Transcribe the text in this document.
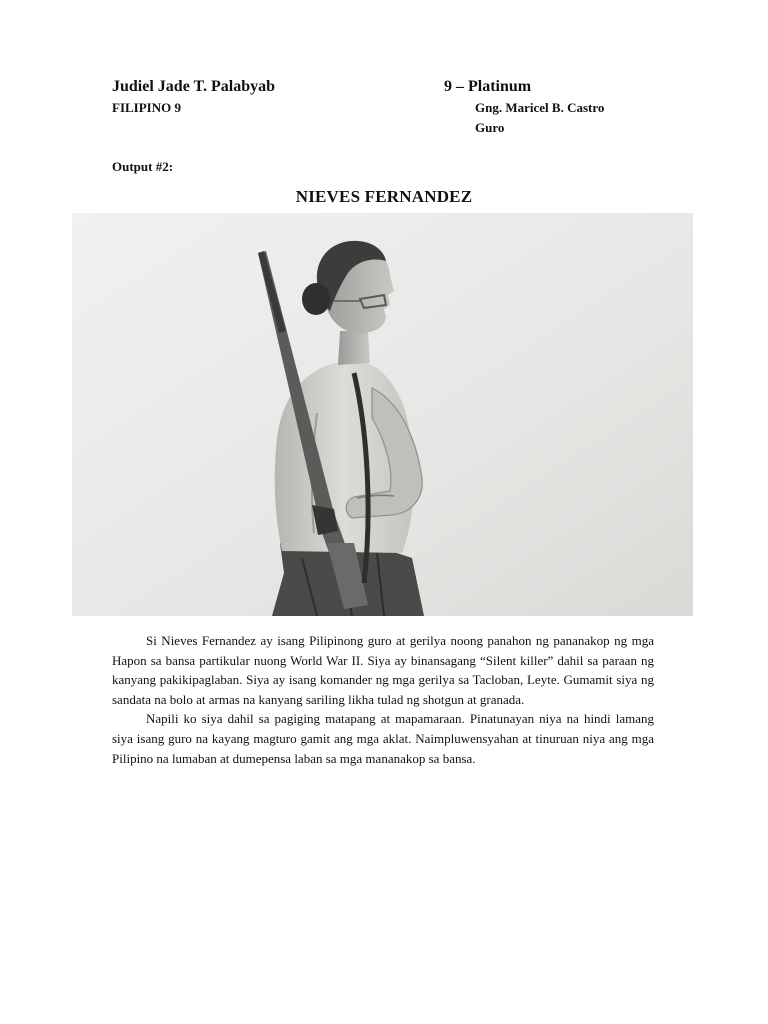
Judiel Jade T. Palabyab	9 – Platinum
FILIPINO 9	Gng. Maricel B. Castro
Guro
Output #2:
NIEVES FERNANDEZ

Si Nieves Fernandez ay isang Pilipinong guro at gerilya noong panahon ng pananakop ng mga Hapon sa bansa partikular nuong World War II. Siya ay binansagang “Silent killer” dahil sa paraan ng kanyang pakikipaglaban. Siya ay isang komander ng mga gerilya sa Tacloban, Leyte. Gumamit siya ng sandata na bolo at armas na kanyang sariling likha tulad ng shotgun at granada.

Napili ko siya dahil sa pagiging matapang at mapamaraan. Pinatunayan niya na hindi lamang siya isang guro na kayang magturo gamit ang mga aklat. Naimpluwensyahan at tinuruan niya ang mga Pilipino na lumaban at dumepensa laban sa mga mananakop sa bansa.
